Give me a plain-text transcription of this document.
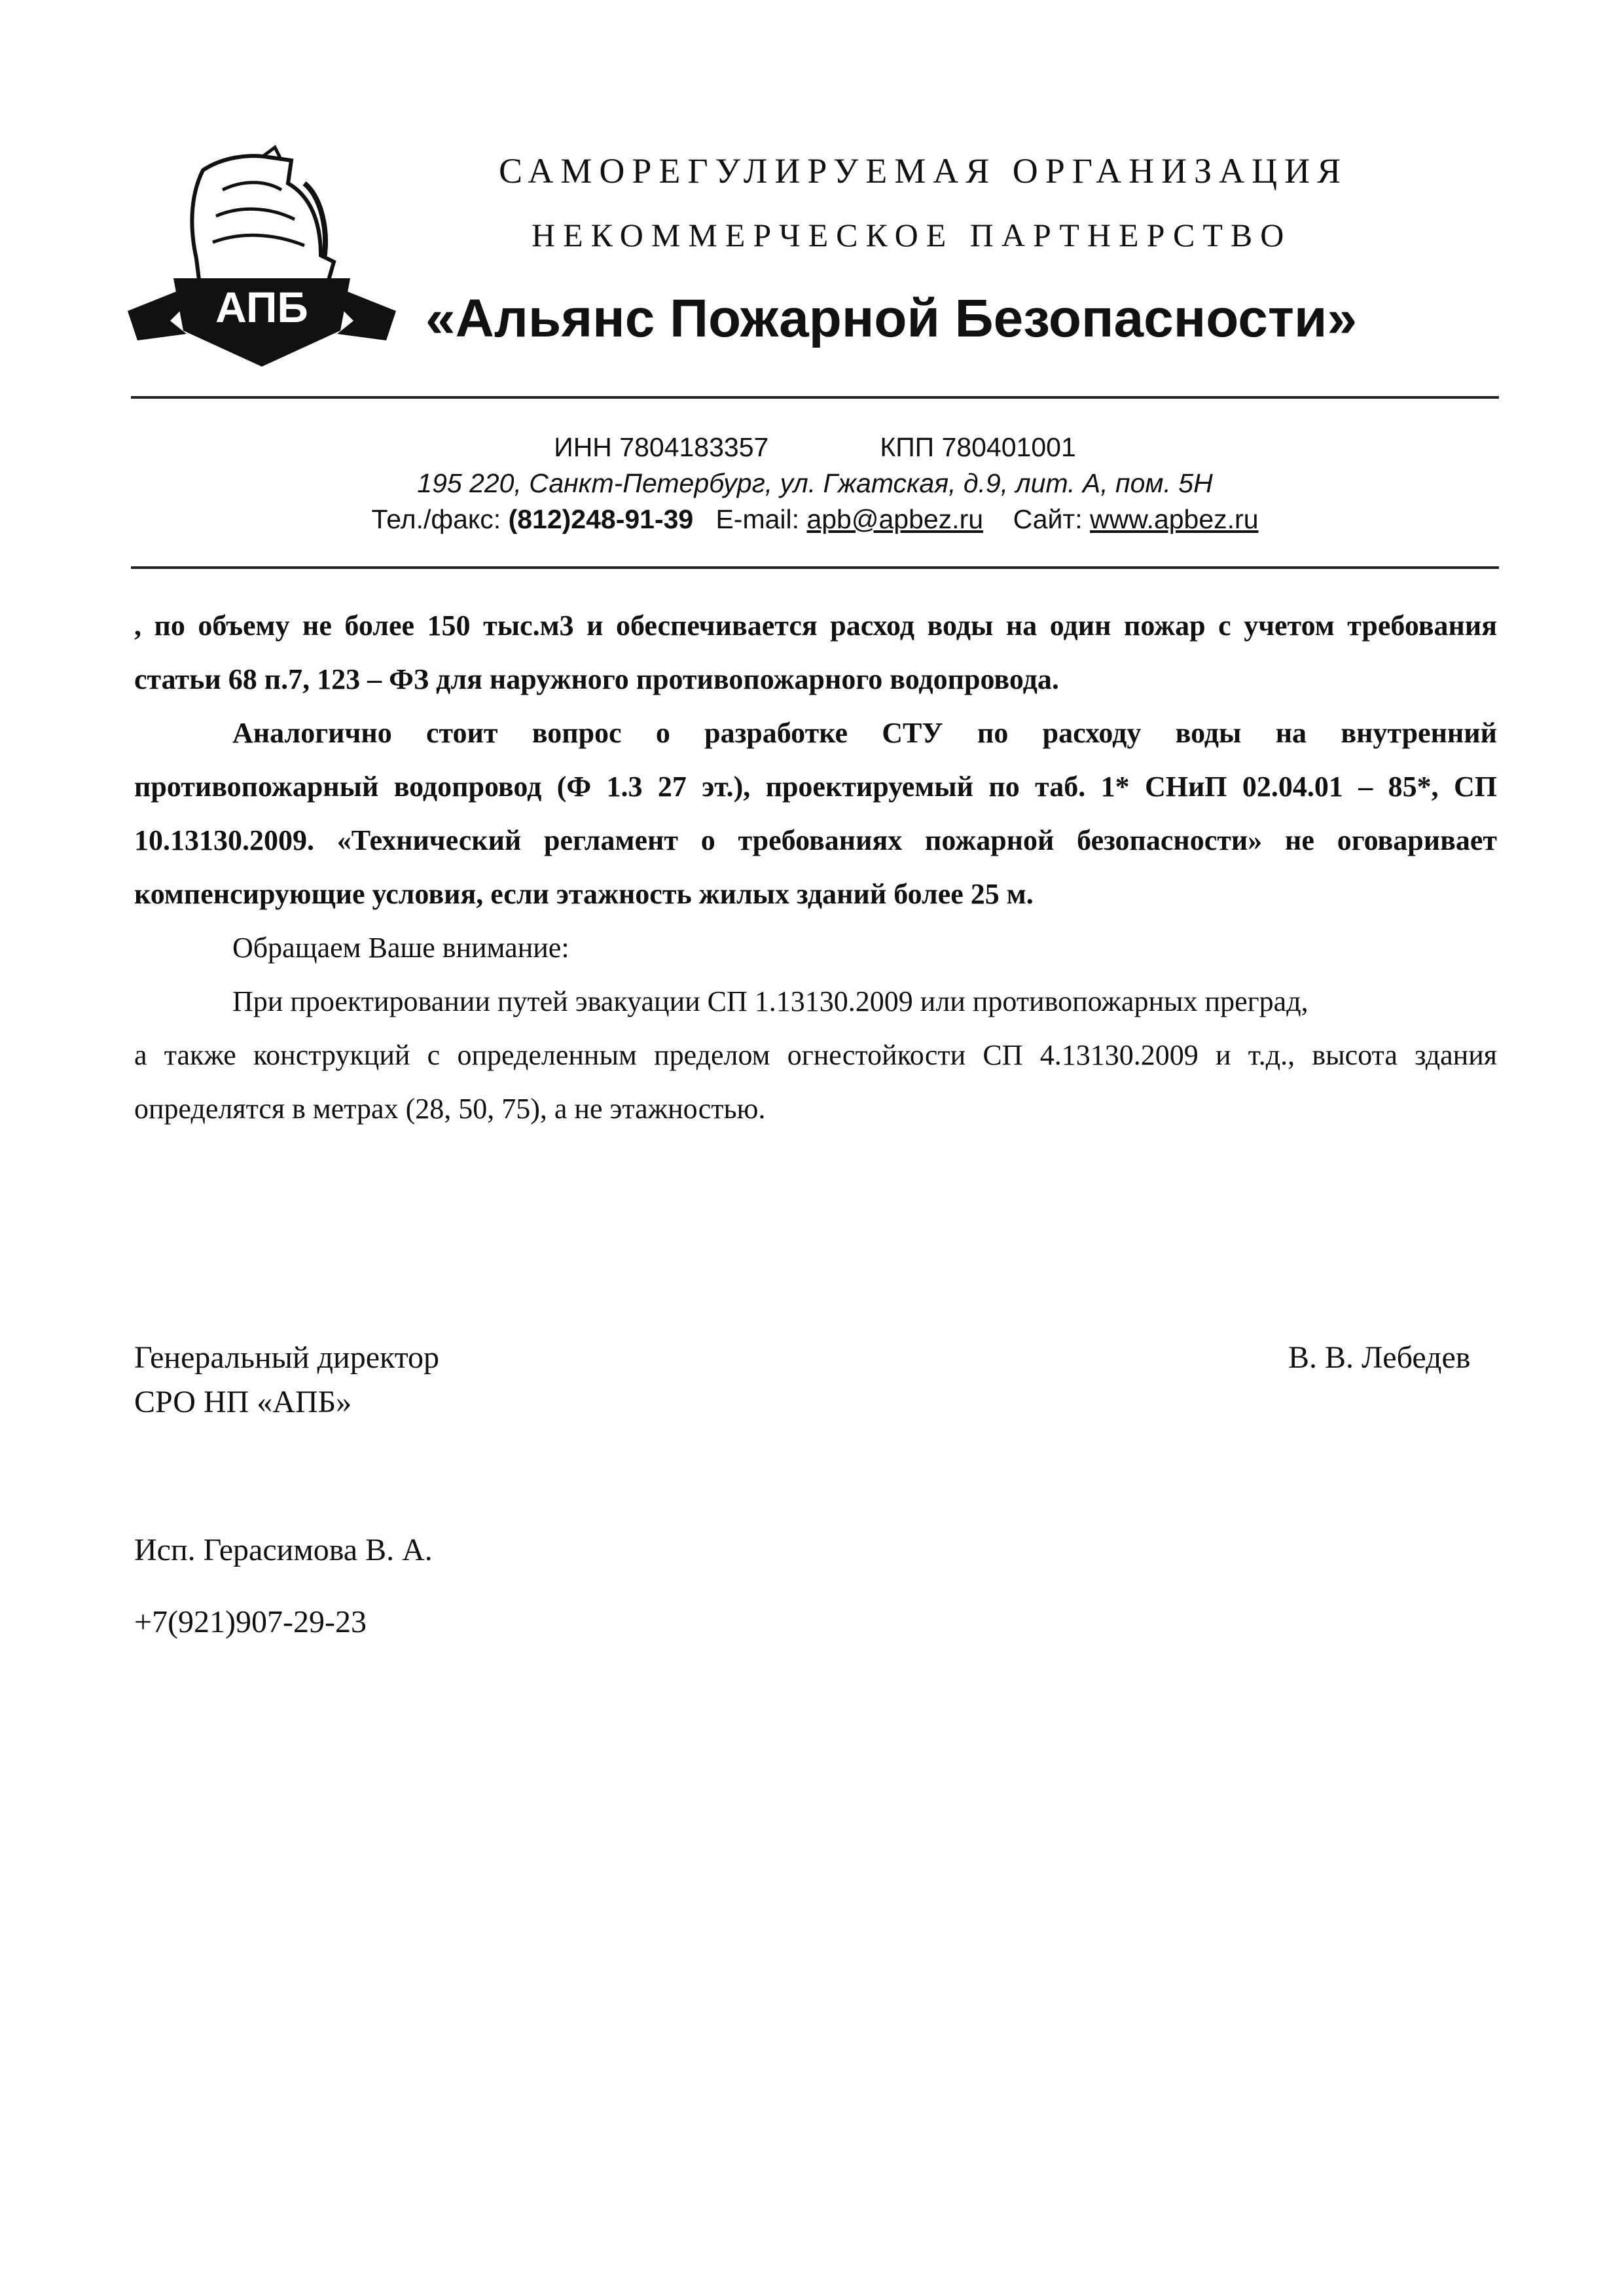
АПБ
САМОРЕГУЛИРУЕМАЯ ОРГАНИЗАЦИЯ
НЕКОММЕРЧЕСКОЕ ПАРТНЕРСТВО
«Альянс Пожарной Безопасности»
ИНН 7804183357	КПП 780401001
195 220, Санкт-Петербург, ул. Гжатская, д.9, лит. А, пом. 5Н
Тел./факс: (812)248-91-39 E-mail: apb@apbez.ru Сайт: www.apbez.ru
, по объему не более 150 тыс.м3 и обеспечивается расход воды на один пожар с учетом требования
статьи 68 п.7, 123 – ФЗ для наружного противопожарного водопровода.
Аналогично стоит вопрос о разработке СТУ по расходу воды на внутренний
противопожарный водопровод (Ф 1.3 27 эт.), проектируемый по таб. 1* СНиП 02.04.01 – 85*, СП
10.13130.2009. «Технический регламент о требованиях пожарной безопасности» не оговаривает
компенсирующие условия, если этажность жилых зданий более 25 м.
Обращаем Ваше внимание:
При проектировании путей эвакуации СП 1.13130.2009 или противопожарных преград,
а также конструкций с определенным пределом огнестойкости СП 4.13130.2009 и т.д., высота здания
определятся в метрах (28, 50, 75), а не этажностью.
Генеральный директор
СРО НП «АПБ»
В. В. Лебедев
Исп. Герасимова В. А.
+7(921)907-29-23
